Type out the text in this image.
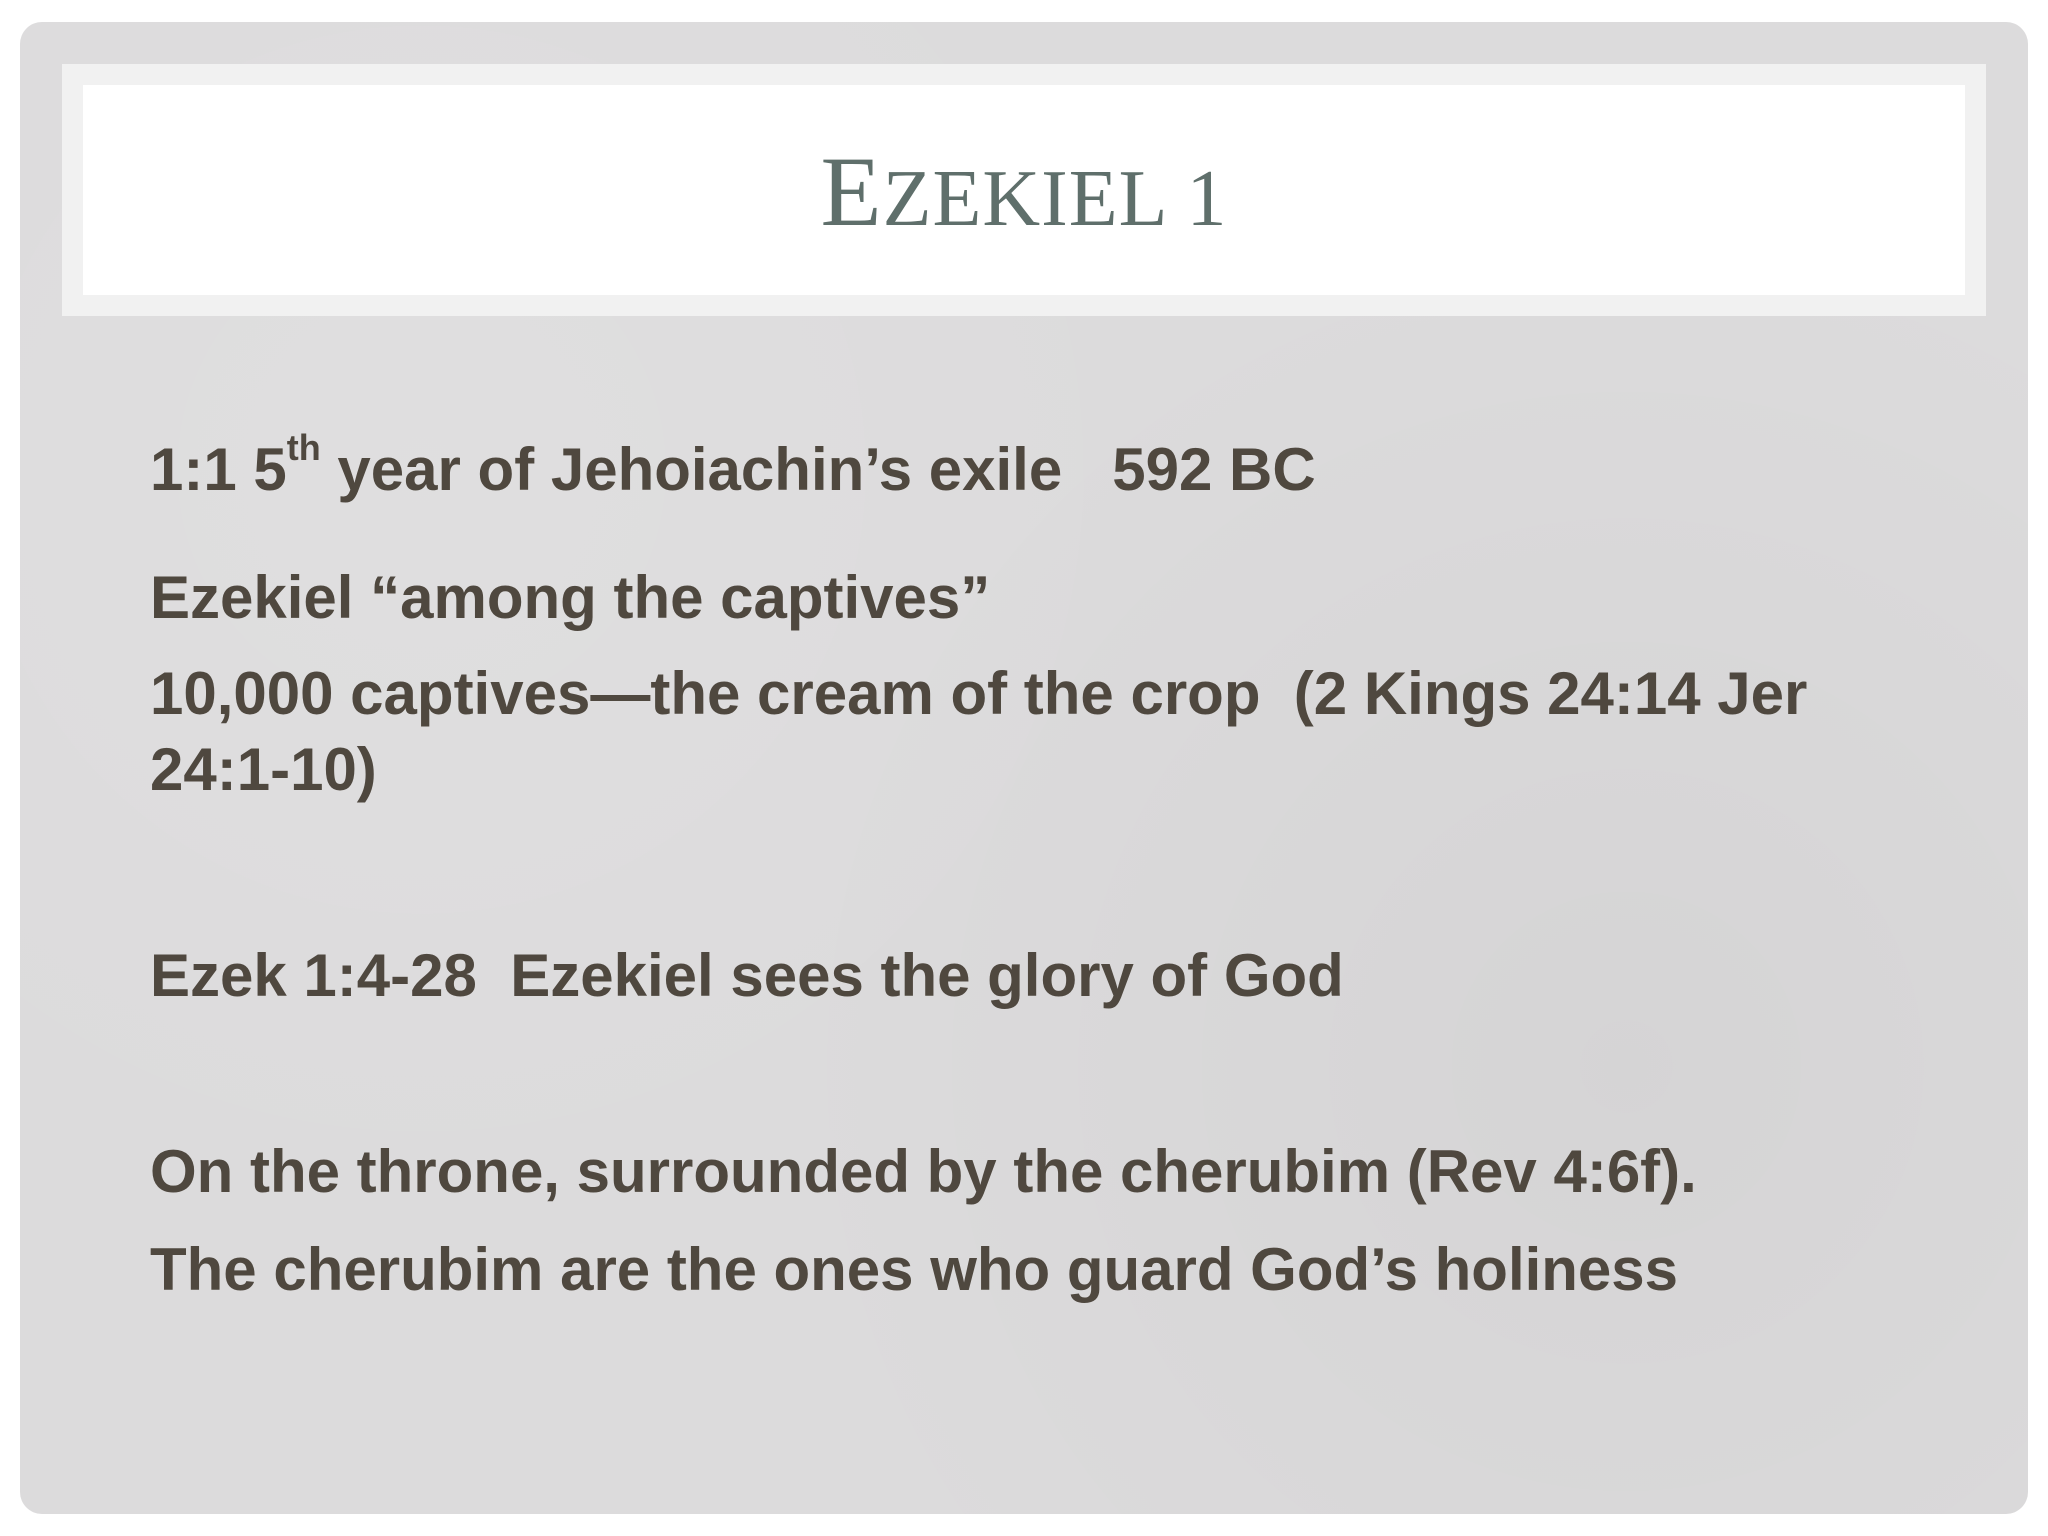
EZEKIEL 1

1:1 5th year of Jehoiachin’s exile   592 BC

Ezekiel “among the captives”

10,000 captives—the cream of the crop  (2 Kings 24:14 Jer 24:1-10)

Ezek 1:4-28  Ezekiel sees the glory of God

On the throne, surrounded by the cherubim (Rev 4:6f).

The cherubim are the ones who guard God’s holiness
